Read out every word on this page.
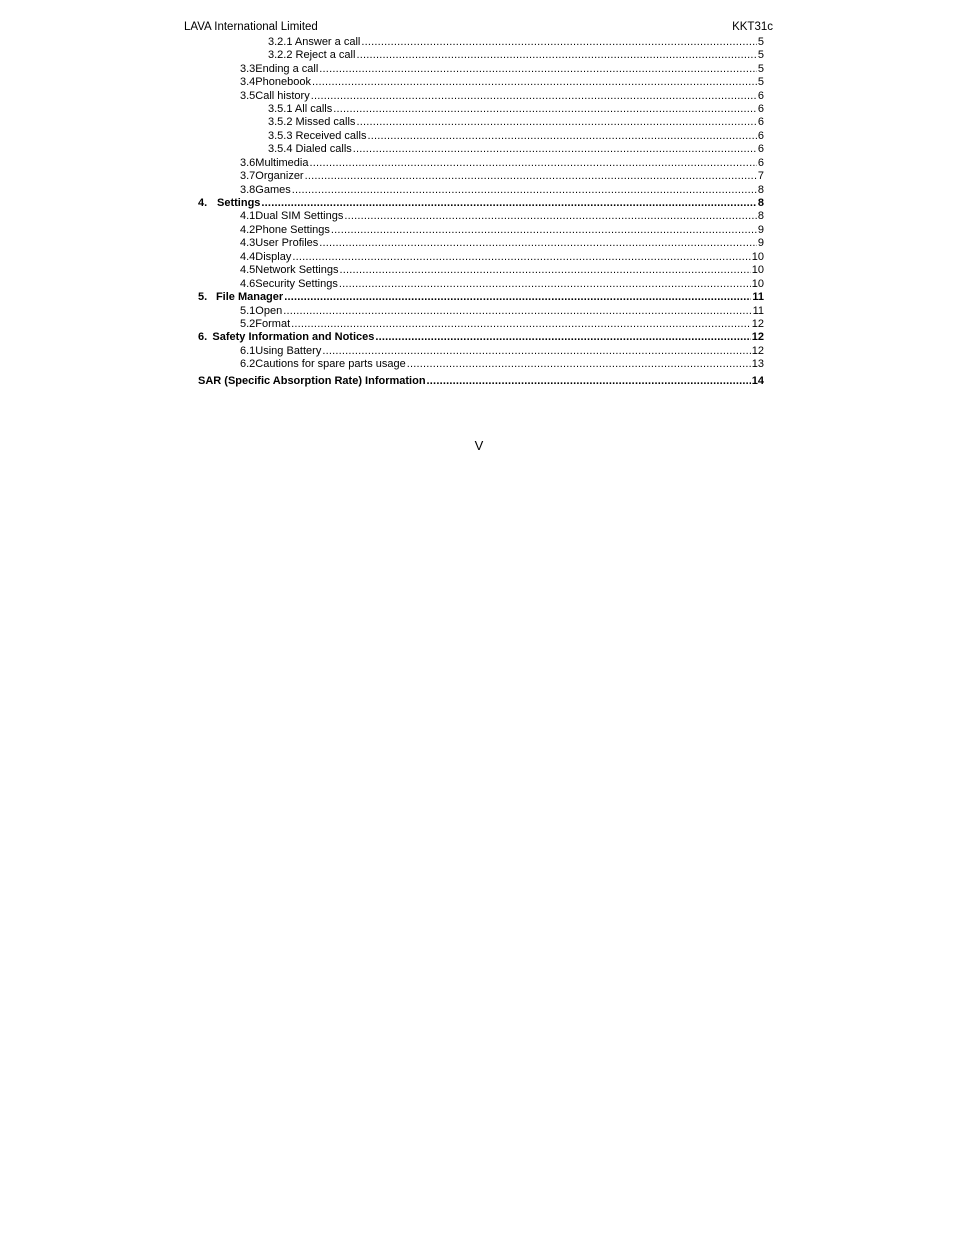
LAVA International Limited	KKT31c
3.2.1 Answer a call .....	5
3.2.2 Reject a call .....	5
3.3 Ending a call .....	5
3.4 Phonebook .....	5
3.5 Call history .....	6
3.5.1 All calls .....	6
3.5.2 Missed calls .....	6
3.5.3 Received calls .....	6
3.5.4 Dialed calls .....	6
3.6 Multimedia .....	6
3.7 Organizer .....	7
3.8 Games .....	8
4. Settings .....	8
4.1 Dual SIM Settings .....	8
4.2 Phone Settings .....	9
4.3 User Profiles .....	9
4.4 Display .....	10
4.5 Network Settings .....	10
4.6 Security Settings .....	10
5. File Manager .....	11
5.1 Open .....	11
5.2 Format .....	12
6. Safety Information and Notices .....	12
6.1 Using Battery .....	12
6.2 Cautions for spare parts usage .....	13
SAR (Specific Absorption Rate) Information .....	14
V
